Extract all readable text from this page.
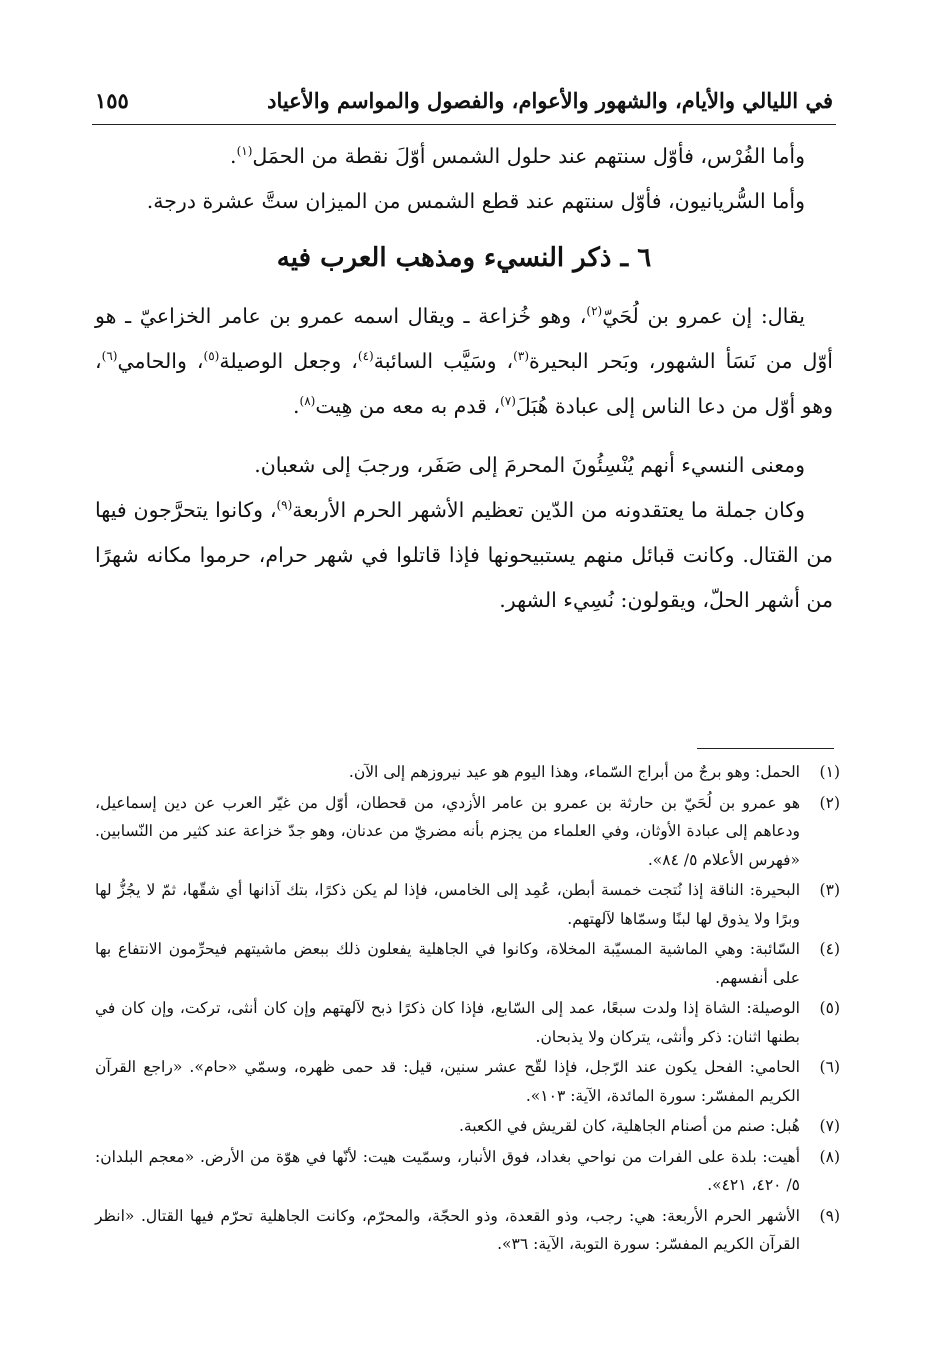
في الليالي والأيام، والشهور والأعوام، والفصول والمواسم والأعياد
١٥٥

وأما الفُرْس، فأوّل سنتهم عند حلول الشمس أوّلَ نقطة من الحمَل$^{(١)}$.

وأما السُّريانيون، فأوّل سنتهم عند قطع الشمس من الميزان ستَّ عشرة درجة.

٦ ـ ذكر النسيء ومذهب العرب فيه

يقال: إن عمرو بن لُحَيّ$^{(٢)}$، وهو خُزاعة ـ ويقال اسمه عمرو بن عامر الخزاعيّ ـ هو أوّل من نَسَأ الشهور، وبَحر البحيرة$^{(٣)}$، وسَيَّب السائبة$^{(٤)}$، وجعل الوصيلة$^{(٥)}$، والحامي$^{(٦)}$، وهو أوّل من دعا الناس إلى عبادة هُبَلَ$^{(٧)}$، قدم به معه من هِيت$^{(٨)}$.

ومعنى النسيء أنهم يُنْسِئُونَ المحرمَ إلى صَفَر، ورجبَ إلى شعبان.

وكان جملة ما يعتقدونه من الدّين تعظيم الأشهر الحرم الأربعة$^{(٩)}$، وكانوا يتحرَّجون فيها من القتال. وكانت قبائل منهم يستبيحونها فإذا قاتلوا في شهر حرام، حرموا مكانه شهرًا من أشهر الحلّ، ويقولون: نُسِيء الشهر.

(١)
الحمل: وهو برجٌ من أبراج السّماء، وهذا اليوم هو عيد نيروزهم إلى الآن.
(٢)
هو عمرو بن لُحَيّ بن حارثة بن عمرو بن عامر الأزدي، من قحطان، أوّل من غيّر العرب عن دين إسماعيل، ودعاهم إلى عبادة الأوثان، وفي العلماء من يجزم بأنه مضريّ من عدنان، وهو جدّ خزاعة عند كثير من النّسابين. «فهرس الأعلام ٥/ ٨٤».
(٣)
البحيرة: الناقة إذا نُتجت خمسة أبطن، عُمِد إلى الخامس، فإذا لم يكن ذكرًا، بتك آذانها أي شقّها، ثمّ لا يجُزُّ لها وبرًا ولا يذوق لها لبنًا وسمّاها لآلهتهم.
(٤)
السّائبة: وهي الماشية المسيّبة المخلاة، وكانوا في الجاهلية يفعلون ذلك ببعض ماشيتهم فيحرِّمون الانتفاع بها على أنفسهم.
(٥)
الوصيلة: الشاة إذا ولدت سبعًا، عمد إلى السّابع، فإذا كان ذكرًا ذبح لآلهتهم وإن كان أنثى، تركت، وإن كان في بطنها اثنان: ذكر وأنثى، يتركان ولا يذبحان.
(٦)
الحامي: الفحل يكون عند الرّجل، فإذا لقّح عشر سنين، قيل: قد حمى ظهره، وسمّي «حام». «راجع القرآن الكريم المفسّر: سورة المائدة، الآية: ١٠٣».
(٧)
هُبل: صنم من أصنام الجاهلية، كان لقريش في الكعبة.
(٨)
أهيت: بلدة على الفرات من نواحي بغداد، فوق الأنبار، وسمّيت هيت: لأنّها في هوّة من الأرض. «معجم البلدان: ٥/ ٤٢٠، ٤٢١».
(٩)
الأشهر الحرم الأربعة: هي: رجب، وذو القعدة، وذو الحجّة، والمحرّم، وكانت الجاهلية تحرّم فيها القتال. «انظر القرآن الكريم المفسّر: سورة التوبة، الآية: ٣٦».
